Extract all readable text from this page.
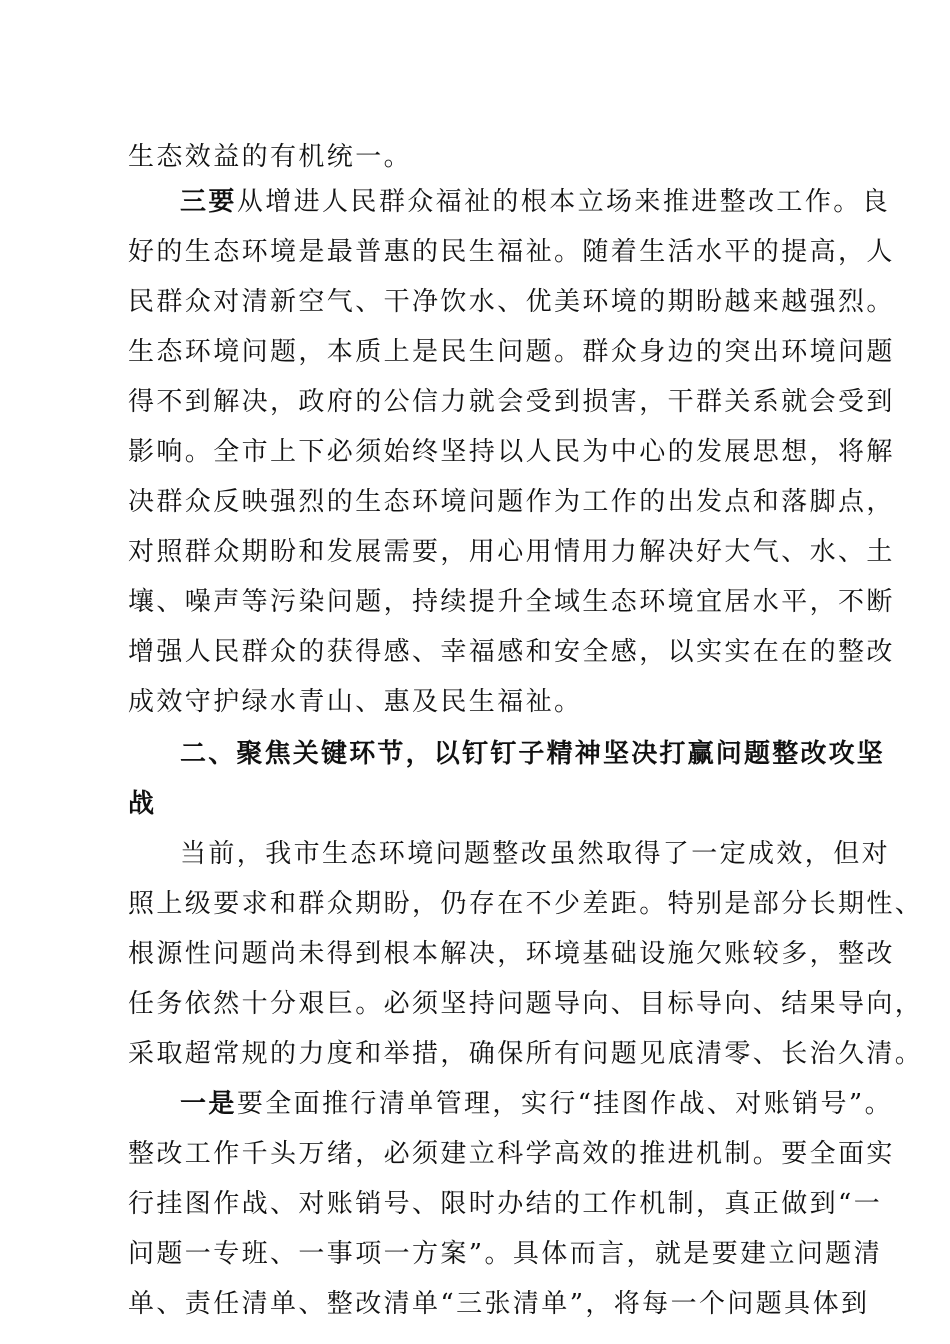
生态效益的有机统一。
三要从增进人民群众福祉的根本立场来推进整改工作。良
好的生态环境是最普惠的民生福祉。随着生活水平的提高，人
民群众对清新空气、干净饮水、优美环境的期盼越来越强烈。
生态环境问题，本质上是民生问题。群众身边的突出环境问题
得不到解决，政府的公信力就会受到损害，干群关系就会受到
影响。全市上下必须始终坚持以人民为中心的发展思想，将解
决群众反映强烈的生态环境问题作为工作的出发点和落脚点，
对照群众期盼和发展需要，用心用情用力解决好大气、水、土
壤、噪声等污染问题，持续提升全域生态环境宜居水平，不断
增强人民群众的获得感、幸福感和安全感，以实实在在的整改
成效守护绿水青山、惠及民生福祉。
二、聚焦关键环节，以钉钉子精神坚决打赢问题整改攻坚
战
当前，我市生态环境问题整改虽然取得了一定成效，但对
照上级要求和群众期盼，仍存在不少差距。特别是部分长期性、
根源性问题尚未得到根本解决，环境基础设施欠账较多，整改
任务依然十分艰巨。必须坚持问题导向、目标导向、结果导向，
采取超常规的力度和举措，确保所有问题见底清零、长治久清。
一是要全面推行清单管理，实行“挂图作战、对账销号”。
整改工作千头万绪，必须建立科学高效的推进机制。要全面实
行挂图作战、对账销号、限时办结的工作机制，真正做到“一
问题一专班、一事项一方案”。具体而言，就是要建立问题清
单、责任清单、整改清单“三张清单”，将每一个问题具体到
